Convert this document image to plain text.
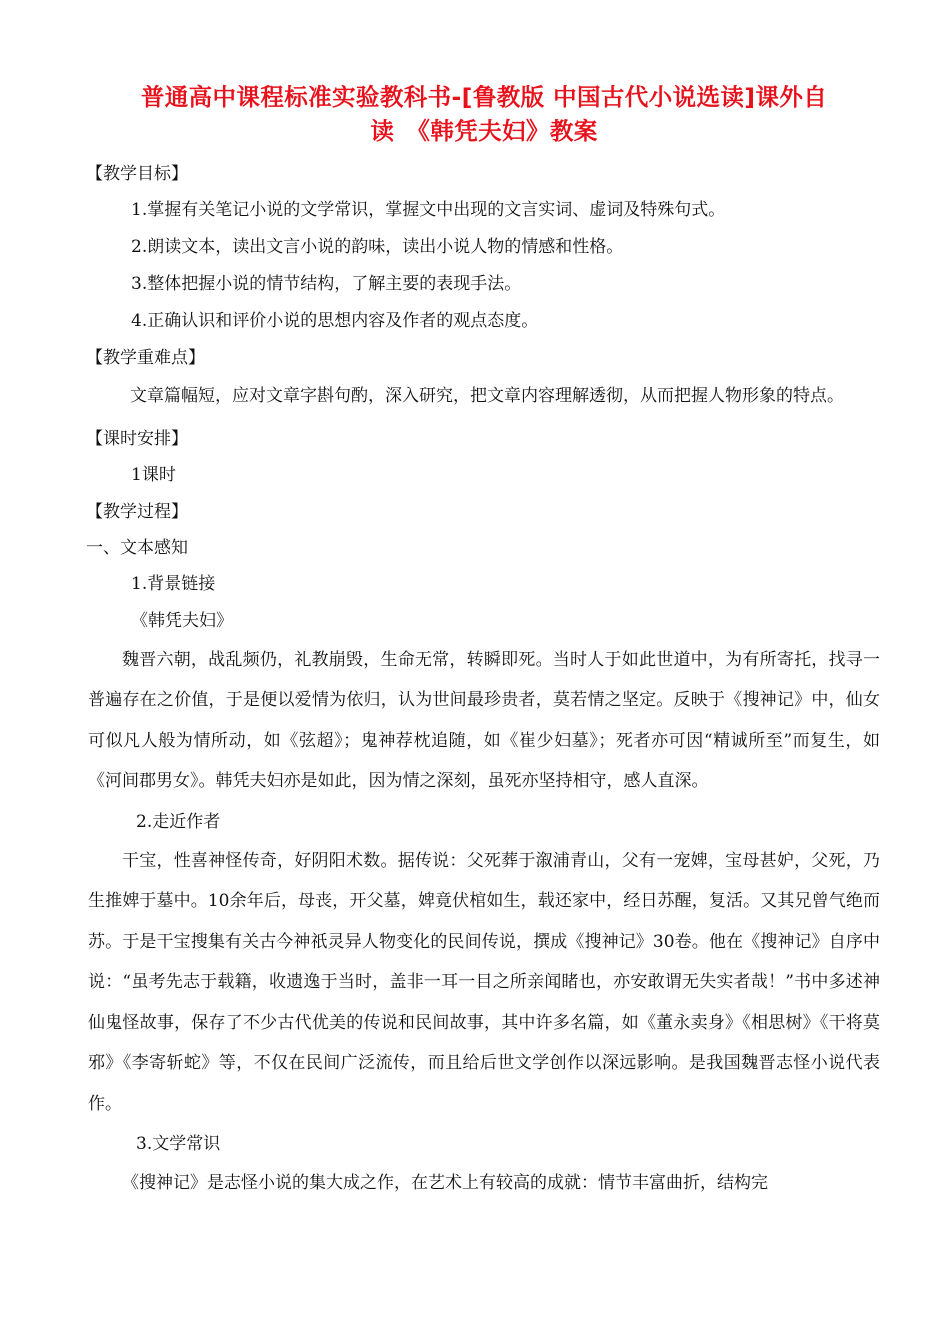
普通高中课程标准实验教科书-[鲁教版 中国古代小说选读]课外自
读　《韩凭夫妇》教案

【教学目标】

1.掌握有关笔记小说的文学常识，掌握文中出现的文言实词、虚词及特殊句式。

2.朗读文本，读出文言小说的韵味，读出小说人物的情感和性格。

3.整体把握小说的情节结构，了解主要的表现手法。

4.正确认识和评价小说的思想内容及作者的观点态度。

【教学重难点】

文章篇幅短，应对文章字斟句酌，深入研究，把文章内容理解透彻，从而把握人物形象的特点。

【课时安排】

1课时

【教学过程】

一、文本感知

1.背景链接

《韩凭夫妇》

魏晋六朝，战乱频仍，礼教崩毁，生命无常，转瞬即死。当时人于如此世道中，为有所寄托，找寻一普遍存在之价值，于是便以爱情为依归，认为世间最珍贵者，莫若情之坚定。反映于《搜神记》中，仙女可似凡人般为情所动，如《弦超》；鬼神荐枕追随，如《崔少妇墓》；死者亦可因“精诚所至”而复生，如《河间郡男女》。韩凭夫妇亦是如此，因为情之深刻，虽死亦坚持相守，感人直深。

2.走近作者

干宝，性喜神怪传奇，好阴阳术数。据传说：父死葬于溆浦青山，父有一宠婢，宝母甚妒，父死，乃生推婢于墓中。10余年后，母丧，开父墓，婢竟伏棺如生，载还家中，经日苏醒，复活。又其兄曾气绝而苏。于是干宝搜集有关古今神祇灵异人物变化的民间传说，撰成《搜神记》30卷。他在《搜神记》自序中说：“虽考先志于载籍，收遗逸于当时，盖非一耳一目之所亲闻睹也，亦安敢谓无失实者哉！”书中多述神仙鬼怪故事，保存了不少古代优美的传说和民间故事，其中许多名篇，如《董永卖身》《相思树》《干将莫邪》《李寄斩蛇》等，不仅在民间广泛流传，而且给后世文学创作以深远影响。是我国魏晋志怪小说代表作。

3.文学常识

《搜神记》是志怪小说的集大成之作，在艺术上有较高的成就：情节丰富曲折，结构完
